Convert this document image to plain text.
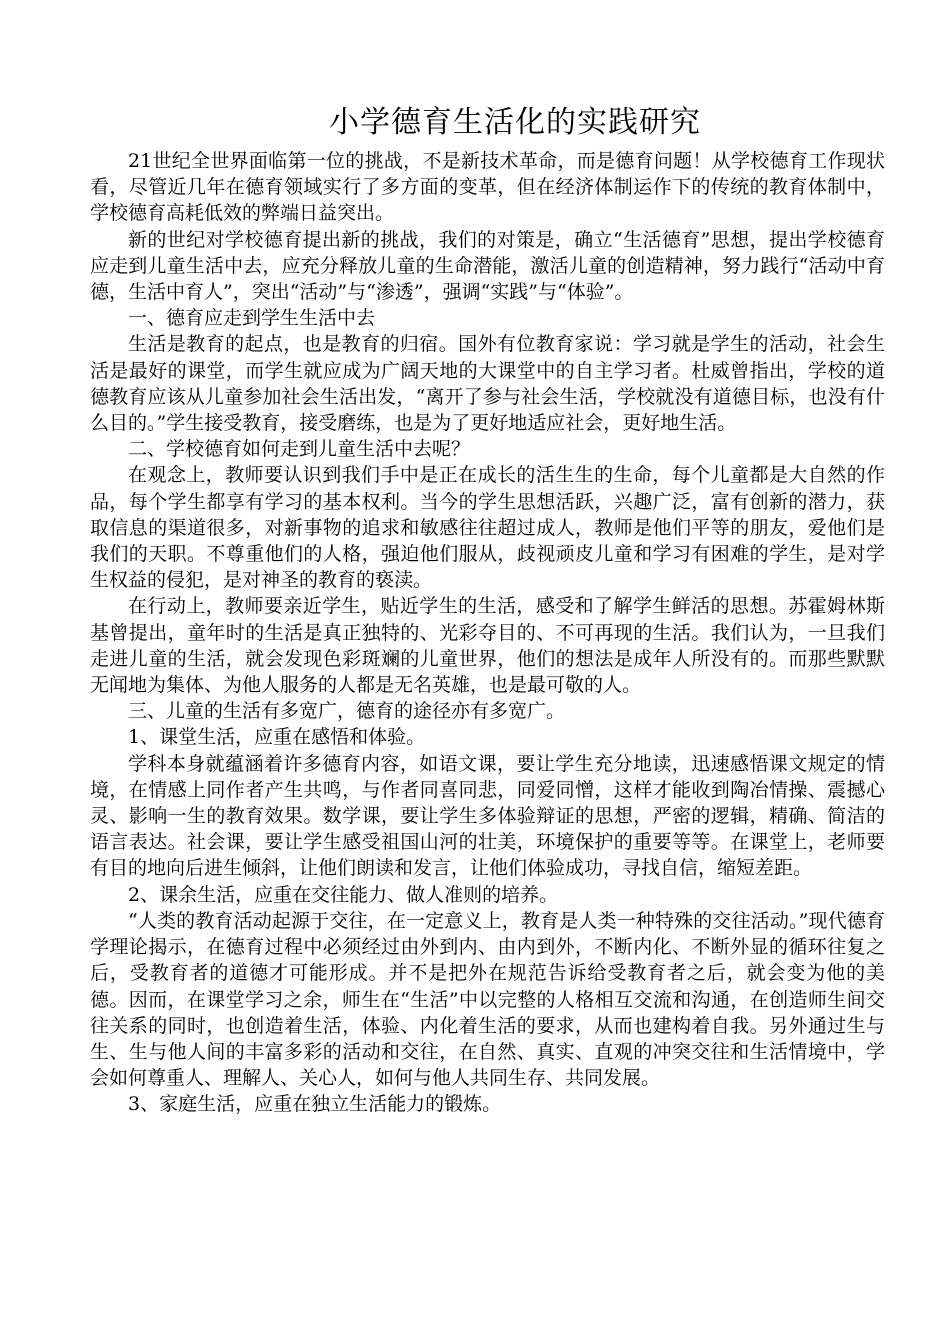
小学德育生活化的实践研究

21世纪全世界面临第一位的挑战，不是新技术革命，而是德育问题！从学校德育工作现状看，尽管近几年在德育领域实行了多方面的变革，但在经济体制运作下的传统的教育体制中，学校德育高耗低效的弊端日益突出。

新的世纪对学校德育提出新的挑战，我们的对策是，确立“生活德育”思想，提出学校德育应走到儿童生活中去，应充分释放儿童的生命潜能，激活儿童的创造精神，努力践行“活动中育德，生活中育人”，突出“活动”与“渗透”，强调“实践”与“体验”。

一、德育应走到学生生活中去

生活是教育的起点，也是教育的归宿。国外有位教育家说：学习就是学生的活动，社会生活是最好的课堂，而学生就应成为广阔天地的大课堂中的自主学习者。杜威曾指出，学校的道德教育应该从儿童参加社会生活出发，“离开了参与社会生活，学校就没有道德目标，也没有什么目的。”学生接受教育，接受磨练，也是为了更好地适应社会，更好地生活。

二、学校德育如何走到儿童生活中去呢？

在观念上，教师要认识到我们手中是正在成长的活生生的生命，每个儿童都是大自然的作品，每个学生都享有学习的基本权利。当今的学生思想活跃，兴趣广泛，富有创新的潜力，获取信息的渠道很多，对新事物的追求和敏感往往超过成人，教师是他们平等的朋友，爱他们是我们的天职。不尊重他们的人格，强迫他们服从，歧视顽皮儿童和学习有困难的学生，是对学生权益的侵犯，是对神圣的教育的亵渎。

在行动上，教师要亲近学生，贴近学生的生活，感受和了解学生鲜活的思想。苏霍姆林斯基曾提出，童年时的生活是真正独特的、光彩夺目的、不可再现的生活。我们认为，一旦我们走进儿童的生活，就会发现色彩斑斓的儿童世界，他们的想法是成年人所没有的。而那些默默无闻地为集体、为他人服务的人都是无名英雄，也是最可敬的人。

三、儿童的生活有多宽广，德育的途径亦有多宽广。

1、课堂生活，应重在感悟和体验。

学科本身就蕴涵着许多德育内容，如语文课，要让学生充分地读，迅速感悟课文规定的情境，在情感上同作者产生共鸣，与作者同喜同悲，同爱同憎，这样才能收到陶冶情操、震撼心灵、影响一生的教育效果。数学课，要让学生多体验辩证的思想，严密的逻辑，精确、简洁的语言表达。社会课，要让学生感受祖国山河的壮美，环境保护的重要等等。在课堂上，老师要有目的地向后进生倾斜，让他们朗读和发言，让他们体验成功，寻找自信，缩短差距。

2、课余生活，应重在交往能力、做人准则的培养。

“人类的教育活动起源于交往，在一定意义上，教育是人类一种特殊的交往活动。”现代德育学理论揭示，在德育过程中必须经过由外到内、由内到外，不断内化、不断外显的循环往复之后，受教育者的道德才可能形成。并不是把外在规范告诉给受教育者之后，就会变为他的美德。因而，在课堂学习之余，师生在“生活”中以完整的人格相互交流和沟通，在创造师生间交往关系的同时，也创造着生活，体验、内化着生活的要求，从而也建构着自我。另外通过生与生、生与他人间的丰富多彩的活动和交往，在自然、真实、直观的冲突交往和生活情境中，学会如何尊重人、理解人、关心人，如何与他人共同生存、共同发展。

3、家庭生活，应重在独立生活能力的锻炼。
